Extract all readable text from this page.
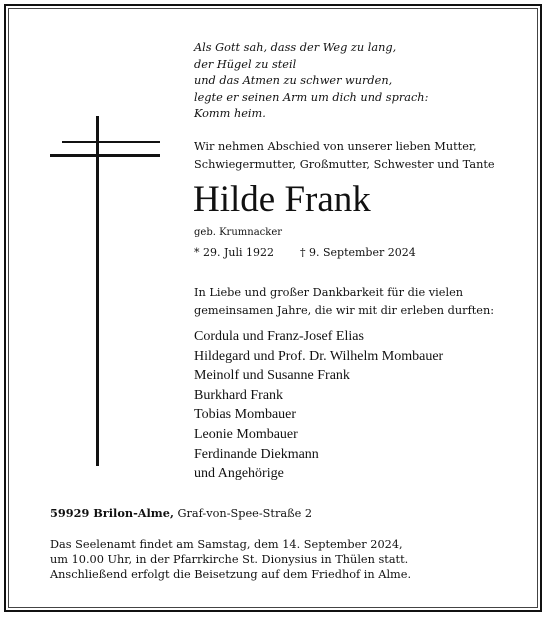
Als Gott sah, dass der Weg zu lang,
der Hügel zu steil
und das Atmen zu schwer wurden,
legte er seinen Arm um dich und sprach:
Komm heim.
Wir nehmen Abschied von unserer lieben Mutter,
Schwiegermutter, Großmutter, Schwester und Tante
Hilde Frank
geb. Krumnacker
* 29. Juli 1922 † 9. September 2024
In Liebe und großer Dankbarkeit für die vielen
gemeinsamen Jahre, die wir mit dir erleben durften:
Cordula und Franz-Josef Elias
Hildegard und Prof. Dr. Wilhelm Mombauer
Meinolf und Susanne Frank
Burkhard Frank
Tobias Mombauer
Leonie Mombauer
Ferdinande Diekmann
und Angehörige
59929 Brilon-Alme, Graf-von-Spee-Straße 2
Das Seelenamt findet am Samstag, dem 14. September 2024,
um 10.00 Uhr, in der Pfarrkirche St. Dionysius in Thülen statt.
Anschließend erfolgt die Beisetzung auf dem Friedhof in Alme.
